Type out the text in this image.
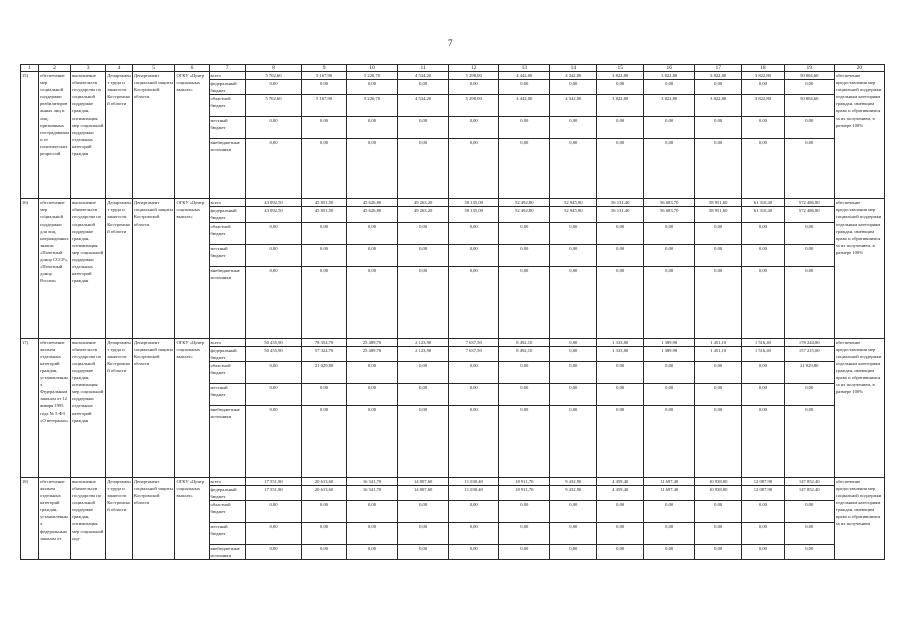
7
1	2	3	4	5	6	7	8	9	10	11	12	13	14	15	16	17	18	19	20
15)	обеспечение мер социальной поддержки реабилитированных лиц и лиц, признанных пострадавшими от политических репрессий	выполнение обязательств государства по социальной поддержке граждан, оптимизация мер социальной поддержки отдельных категорий граждан	Департамент труда и занятости Костромской области	Департамент социальной защиты Костромской области	ОГКУ «Центр социальных выплат»	всего	5 702,60	5 167,90	5 226,70	4 534,20	5 298,00	4 442,00	4 342,00	3 822,80	3 822,80	3 822,80	3 822,80	50 004,60	обеспечение предоставления мер социальной поддержки отдельным категориям граждан, имеющим право и обратившимся за их получением, в размере 100%
						федеральный бюджет	0,00	0,00	0,00	0,00	0,00	0,00	0,00	0,00	0,00	0,00	0,00	0,00	
						областной бюджет	5 702,60	5 167,90	5 226,70	4 534,20	5 298,00	4 442,00	4 342,00	3 822,80	3 822,80	3 822,80	3 822,80	50 004,60	
						местный бюджет	0,00	0,00	0,00	0,00	0,00	0,00	0,00	0,00	0,00	0,00	0,00	0,00	
						внебюджетные источники	0,00	0,00	0,00	0,00	0,00	0,00	0,00	0,00	0,00	0,00	0,00	0,00	
16)	обеспечение мер социальной поддержки для лиц, награжденных знаком «Почетный донор СССР», «Почетный донор России»	выполнение обязательств государства по социальной поддержке граждан, оптимизация мер социальной поддержки отдельных категорий граждан	Департамент труда и занятости Костромской области	Департамент социальной защиты Костромской области	ОГКУ «Центр социальных выплат»	всего	43 092,50	45 851,50	45 626,80	49 263,20	50 135,00	52 492,80	52 945,90	56 131,40	56 683,70	58 951,60	61 310,40	572 486,80	обеспечение предоставления мер социальной поддержки отдельным категориям граждан, имеющим право и обратившимся за их получением, в размере 100%
						федеральный бюджет	43 092,50	45 851,50	45 626,80	49 263,20	50 135,00	52 492,80	52 945,90	56 131,40	56 683,70	58 951,60	61 310,40	572 486,80	
						областной бюджет	0,00	0,00	0,00	0,00	0,00	0,00	0,00	0,00	0,00	0,00	0,00	0,00	
						местный бюджет	0,00	0,00	0,00	0,00	0,00	0,00	0,00	0,00	0,00	0,00	0,00	0,00	
						внебюджетные источники	0,00	0,00	0,00	0,00	0,00	0,00	0,00	0,00	0,00	0,00	0,00	0,00	
17)	обеспечение жильем отдельных категорий граждан, установленных Федеральным законом от 12 января 1995 года № 5-ФЗ «О ветеранах»	выполнение обязательств государства по социальной поддержке граждан, оптимизация мер социальной поддержки отдельных категорий граждан	Департамент труда и занятости Костромской области	Департамент социальной защиты Костромской области	ОГКУ «Центр социальных выплат»	всего	50 455,90	78 354,70	25 489,70	2 123,90	7 637,50	8 492,10	0,00	1 333,80	1 389,90	1 451,10	1 516,40	178 244,80	обеспечение предоставления мер социальной поддержки отдельным категориям граждан, имеющим право и обратившимся за их получением, в размере 100%
						федеральный бюджет	50 455,90	57 324,70	25 489,70	2 123,90	7 637,50	8 492,10	0,00	1 333,80	1 389,90	1 451,10	1 516,40	157 215,00	
						областной бюджет	0,00	21 029,80	0,00	0,00	0,00	0,00	0,00	0,00	0,00	0,00	0,00	21 029,80	
						местный бюджет	0,00	0,00	0,00	0,00	0,00	0,00	0,00	0,00	0,00	0,00	0,00	0,00	
						внебюджетные источники	0,00	0,00	0,00	0,00	0,00	0,00	0,00	0,00	0,00	0,00	0,00	0,00	
18)	обеспечение жильем отдельных категорий граждан, установленных федеральным законом от	выполнение обязательств государства по социальной поддержке граждан, оптимизация мер социальной под-	Департамент труда и занятости Костромской области	Департамент социальной защиты Костромской области	ОГКУ «Центр социальных выплат»	всего	17 551,80	20 613,60	16 341,70	14 807,60	11 030,40	18 911,70	9 432,90	4 459,40	11 697,40	10 938,00	12 087,90	147 852,40	обеспечение предоставления мер социальной поддержки отдельным категориям граждан, имеющим право и обратившимся за их получением
						федеральный бюджет	17 551,80	20 613,60	16 341,70	14 807,60	11 030,40	18 911,70	9 432,90	4 459,40	11 697,40	10 938,00	12 087,90	147 852,40	
						областной бюджет	0,00	0,00	0,00	0,00	0,00	0,00	0,00	0,00	0,00	0,00	0,00	0,00	
						местный бюджет	0,00	0,00	0,00	0,00	0,00	0,00	0,00	0,00	0,00	0,00	0,00	0,00	
						внебюджетные источники	0,00	0,00	0,00	0,00	0,00	0,00	0,00	0,00	0,00	0,00	0,00	0,00	
